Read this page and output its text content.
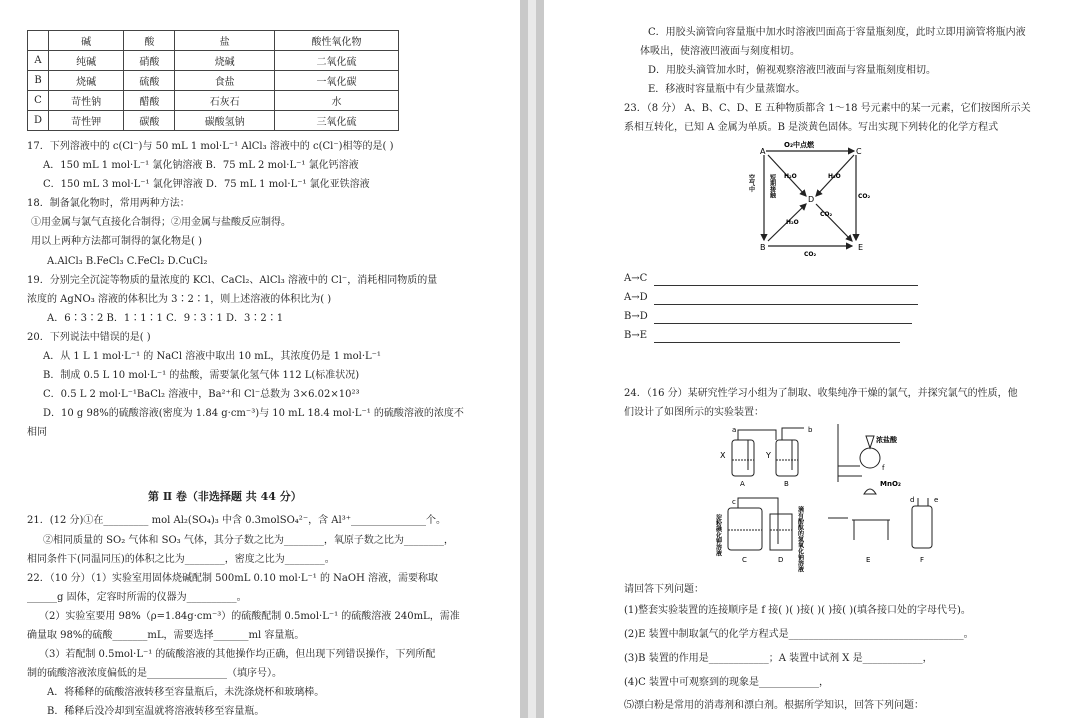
	碱	酸	盐	酸性氧化物
A	纯碱	硝酸	烧碱	二氧化硫
B	烧碱	硫酸	食盐	一氧化碳
C	苛性钠	醋酸	石灰石	水
D	苛性钾	碳酸	碳酸氢钠	三氧化硫
17．下列溶液中的 c(Cl⁻)与 50 mL 1 mol·L⁻¹ AlCl₃ 溶液中的 c(Cl⁻)相等的是( )
A．150 mL 1 mol·L⁻¹ 氯化钠溶液 B．75 mL 2 mol·L⁻¹ 氯化钙溶液
C．150 mL 3 mol·L⁻¹ 氯化钾溶液 D．75 mL 1 mol·L⁻¹ 氯化亚铁溶液
18．制备氯化物时，常用两种方法：
①用金属与氯气直接化合制得；②用金属与盐酸反应制得。
用以上两种方法都可制得的氯化物是( )
A.AlCl₃ B.FeCl₃ C.FeCl₂ D.CuCl₂
19．分别完全沉淀等物质的量浓度的 KCl、CaCl₂、AlCl₃ 溶液中的 Cl⁻，消耗相同物质的量
浓度的 AgNO₃ 溶液的体积比为 3∶2∶1，则上述溶液的体积比为( )
A．6∶3∶2 B．1∶1∶1 C．9∶3∶1 D．3∶2∶1
20．下列说法中错误的是( )
A．从 1 L 1 mol·L⁻¹ 的 NaCl 溶液中取出 10 mL，其浓度仍是 1 mol·L⁻¹
B．制成 0.5 L 10 mol·L⁻¹ 的盐酸，需要氯化氢气体 112 L(标准状况)
C．0.5 L 2 mol·L⁻¹BaCl₂ 溶液中，Ba²⁺和 Cl⁻总数为 3×6.02×10²³
D．10 g 98%的硫酸溶液(密度为 1.84 g·cm⁻³)与 10 mL 18.4 mol·L⁻¹ 的硫酸溶液的浓度不
相同
第 Ⅱ 卷（非选择题 共 44 分）
21．(12 分)①在_________ mol Al₂(SO₄)₃ 中含 0.3molSO₄²⁻，含 Al³⁺_______________个。
②相同质量的 SO₂ 气体和 SO₃ 气体，其分子数之比为________，氧原子数之比为________，
相同条件下(同温同压)的体积之比为________，密度之比为________。
22．（10 分）（1）实验室用固体烧碱配制 500mL 0.10 mol·L⁻¹ 的 NaOH 溶液，需要称取
______g 固体，定容时所需的仪器为__________。
（2）实验室要用 98%（ρ=1.84g·cm⁻³）的硫酸配制 0.5mol·L⁻¹ 的硫酸溶液 240mL，需准
确量取 98%的硫酸_______mL，需要选择_______ml 容量瓶。
（3）若配制 0.5mol·L⁻¹ 的硫酸溶液的其他操作均正确，但出现下列错误操作，下列所配
制的硫酸溶液浓度偏低的是________________（填序号）。
A．将稀释的硫酸溶液转移至容量瓶后，未洗涤烧杯和玻璃棒。
B．稀释后没冷却到室温就将溶液转移至容量瓶。
C．用胶头滴管向容量瓶中加水时溶液凹面高于容量瓶刻度，此时立即用滴管将瓶内液
体吸出，使溶液凹液面与刻度相切。
D．用胶头滴管加水时，俯视观察溶液凹液面与容量瓶刻度相切。
E．移液时容量瓶中有少量蒸馏水。
23．（8 分） A、B、C、D、E 五种物质都含 1～18 号元素中的某一元素，它们按图所示关
系相互转化，已知 A 金属为单质。B 是淡黄色固体。写出实现下列转化的化学方程式
A
B
C
D
E
O₂中点燃
空气中 短期接触 H₂O	H₂O
H₂O
CO₂
CO₂
CO₂
A→C
A→D
B→D
B→E
24．（16 分）某研究性学习小组为了制取、收集纯净干燥的氯气，并探究氯气的性质，他
们设计了如图所示的实验装置：
X	Y
a	b
c	d	e
f
浓盐酸
MnO₂
A	B
C	D	E	F
淀粉碘化钾溶液	滴有酚酞的氢氧化钠溶液
请回答下列问题：
(1)整套实验装置的连接顺序是 f 接( )( )接( )( )接( )(填各接口处的字母代号)。
(2)E 装置中制取氯气的化学方程式是___________________________________。
(3)B 装置的作用是____________；A 装置中试剂 X 是____________，
(4)C 装置中可观察到的现象是____________，
⑸漂白粉是常用的消毒剂和漂白剂。根据所学知识，回答下列问题：
